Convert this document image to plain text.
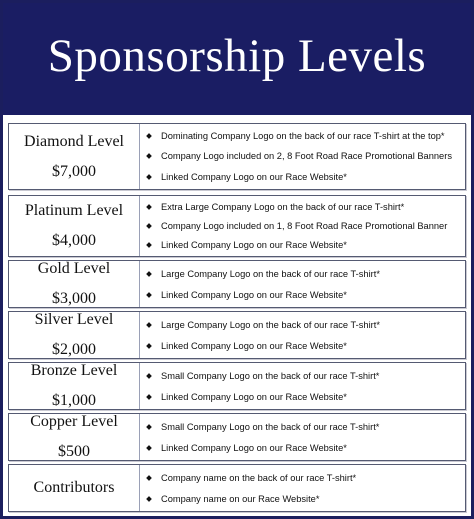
Sponsorship Levels
Diamond Level
$7,000
Dominating Company Logo on the back of our race T-shirt at the top*
Company Logo included on 2, 8 Foot Road Race Promotional Banners
Linked Company Logo on our Race Website*
Platinum Level
$4,000
Extra Large Company Logo on the back of our race T-shirt*
Company Logo included on 1, 8 Foot Road Race Promotional Banner
Linked Company Logo on our Race Website*
Gold Level
$3,000
Large Company Logo on the back of our race T-shirt*
Linked Company Logo on our Race Website*
Silver Level
$2,000
Large Company Logo on the back of our race T-shirt*
Linked Company Logo on our Race Website*
Bronze Level
$1,000
Small Company Logo on the back of our race T-shirt*
Linked Company Logo on our Race Website*
Copper Level
$500
Small Company Logo on the back of our race T-shirt*
Linked Company Logo on our Race Website*
Contributors
Company name on the back of our race T-shirt*
Company name on our Race Website*
